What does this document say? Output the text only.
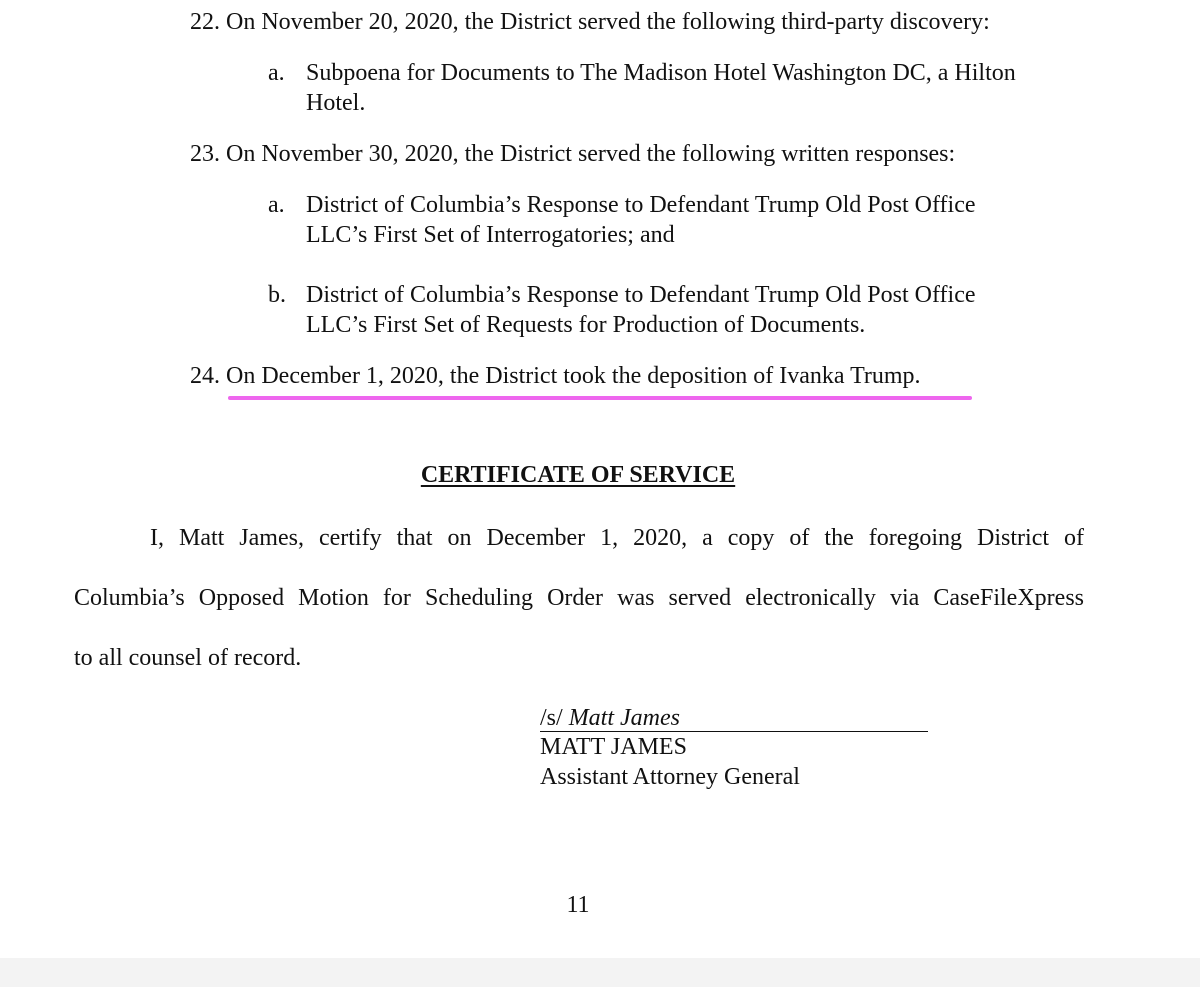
22. On November 20, 2020, the District served the following third-party discovery:
a. Subpoena for Documents to The Madison Hotel Washington DC, a Hilton
Hotel.
23. On November 30, 2020, the District served the following written responses:
a. District of Columbia’s Response to Defendant Trump Old Post Office
LLC’s First Set of Interrogatories; and
b. District of Columbia’s Response to Defendant Trump Old Post Office
LLC’s First Set of Requests for Production of Documents.
24. On December 1, 2020, the District took the deposition of Ivanka Trump.
CERTIFICATE OF SERVICE
I, Matt James, certify that on December 1, 2020, a copy of the foregoing District of
Columbia’s Opposed Motion for Scheduling Order was served electronically via CaseFileXpress
to all counsel of record.
/s/ Matt James
MATT JAMES
Assistant Attorney General
11
